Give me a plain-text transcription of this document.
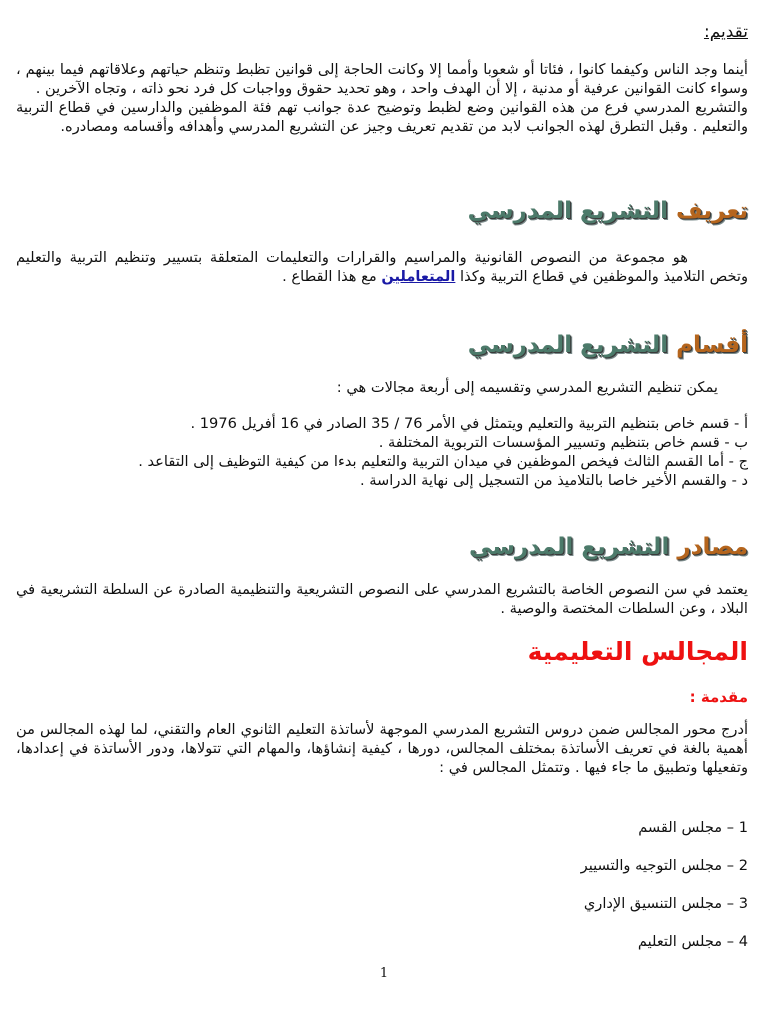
تقديم:

أينما وجد الناس وكيفما كانوا ، فئاتا أو شعوبا وأمما إلا وكانت الحاجة إلى قوانين تظبط وتنظم حياتهم وعلاقاتهم فيما بينهم ، وسواء كانت القوانين عرفية أو مدنية ، إلا أن الهدف واحد ، وهو تحديد حقوق وواجبات كل فرد نحو ذاته ، وتجاه الآخرين .

والتشريع المدرسي فرع من هذه القوانين وضع لظبط وتوضيح عدة جوانب تهم فئة الموظفين والدارسين في قطاع التربية والتعليم . وقبل التطرق لهذه الجوانب لابد من تقديم تعريف وجيز عن التشريع المدرسي وأهدافه وأقسامه ومصادره.

تعريف التشريع المدرسي

هو مجموعة من النصوص القانونية والمراسيم والقرارات والتعليمات المتعلقة بتسيير وتنظيم التربية والتعليم وتخص التلاميذ والموظفين في قطاع التربية وكذا المتعاملين مع هذا القطاع .

أقسام التشريع المدرسي

يمكن تنظيم التشريع المدرسي وتقسيمه إلى أربعة مجالات هي :

أ - قسم خاص بتنظيم التربية والتعليم ويتمثل في الأمر 76 / 35 الصادر في 16 أفريل 1976 .

ب - قسم خاص بتنظيم وتسيير المؤسسات التربوية المختلفة .

ج - أما القسم الثالث فيخص الموظفين في ميدان التربية والتعليم بدءا من كيفية التوظيف إلى التقاعد .

د - والقسم الأخير خاصا بالتلاميذ من التسجيل إلى نهاية الدراسة .

مصادر التشريع المدرسي

يعتمد في سن النصوص الخاصة بالتشريع المدرسي على النصوص التشريعية والتنظيمية الصادرة عن السلطة التشريعية في البلاد ، وعن السلطات المختصة والوصية .

المجالس التعليمية

مقدمة :

أدرج محور المجالس ضمن دروس التشريع المدرسي الموجهة لأساتذة التعليم الثانوي العام والتقني، لما لهذه المجالس من أهمية بالغة في تعريف الأساتذة بمختلف المجالس، دورها ، كيفية إنشاؤها، والمهام التي تتولاها، ودور الأساتذة في إعدادها، وتفعيلها وتطبيق ما جاء فيها . وتتمثل المجالس في :

1 – مجلس القسم

2 – مجلس التوجيه والتسيير

3 – مجلس التنسيق الإداري

4 – مجلس التعليم

1
